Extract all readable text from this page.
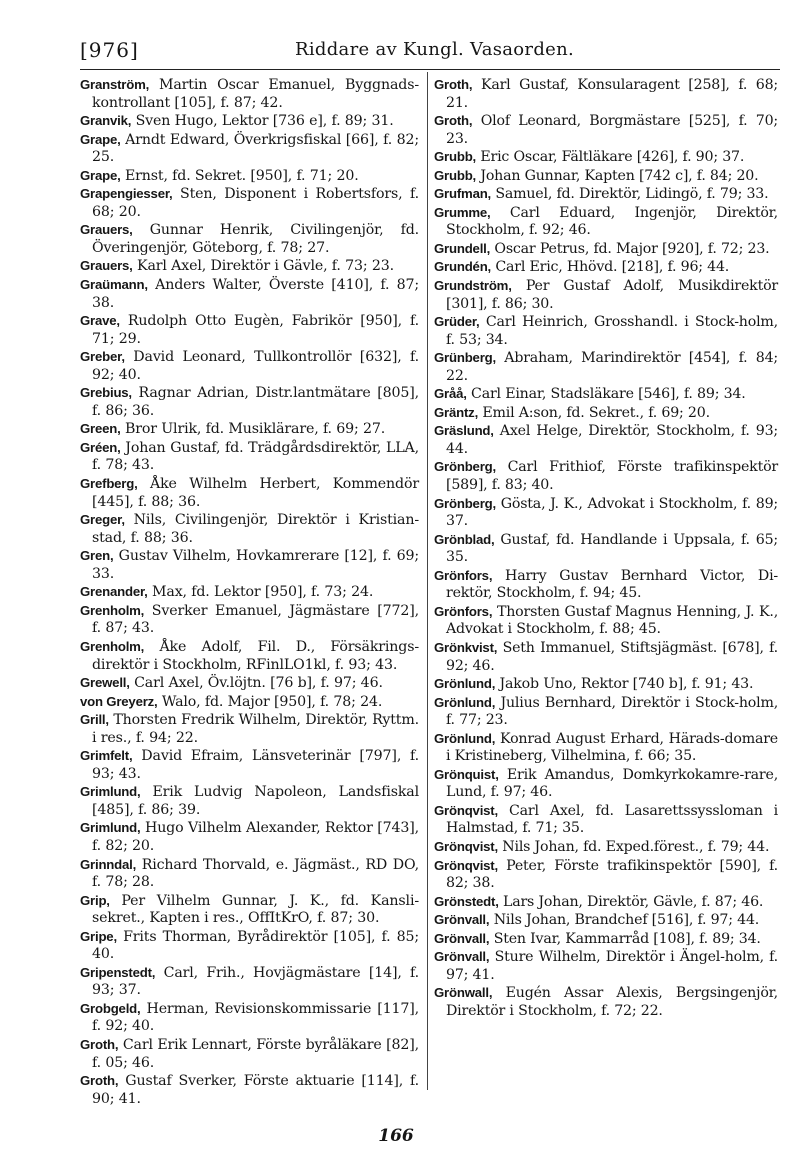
[976]	Riddare av Kungl. Vasaorden.

Granström, Martin Oscar Emanuel, Byggnads-kontrollant [105], f. 87; 42.

Granvik, Sven Hugo, Lektor [736 e], f. 89; 31.

Grape, Arndt Edward, Överkrigsfiskal [66], f. 82; 25.

Grape, Ernst, fd. Sekret. [950], f. 71; 20.

Grapengiesser, Sten, Disponent i Robertsfors, f. 68; 20.

Grauers, Gunnar Henrik, Civilingenjör, fd. Överingenjör, Göteborg, f. 78; 27.

Grauers, Karl Axel, Direktör i Gävle, f. 73; 23.

Graümann, Anders Walter, Överste [410], f. 87; 38.

Grave, Rudolph Otto Eugèn, Fabrikör [950], f. 71; 29.

Greber, David Leonard, Tullkontrollör [632], f. 92; 40.

Grebius, Ragnar Adrian, Distr.lantmätare [805], f. 86; 36.

Green, Bror Ulrik, fd. Musiklärare, f. 69; 27.

Gréen, Johan Gustaf, fd. Trädgårdsdirektör, LLA, f. 78; 43.

Grefberg, Åke Wilhelm Herbert, Kommendör [445], f. 88; 36.

Greger, Nils, Civilingenjör, Direktör i Kristian-stad, f. 88; 36.

Gren, Gustav Vilhelm, Hovkamrerare [12], f. 69; 33.

Grenander, Max, fd. Lektor [950], f. 73; 24.

Grenholm, Sverker Emanuel, Jägmästare [772], f. 87; 43.

Grenholm, Åke Adolf, Fil. D., Försäkrings-direktör i Stockholm, RFinlLO1kl, f. 93; 43.

Grewell, Carl Axel, Öv.löjtn. [76 b], f. 97; 46.

von Greyerz, Walo, fd. Major [950], f. 78; 24.

Grill, Thorsten Fredrik Wilhelm, Direktör, Ryttm. i res., f. 94; 22.

Grimfelt, David Efraim, Länsveterinär [797], f. 93; 43.

Grimlund, Erik Ludvig Napoleon, Landsfiskal [485], f. 86; 39.

Grimlund, Hugo Vilhelm Alexander, Rektor [743], f. 82; 20.

Grinndal, Richard Thorvald, e. Jägmäst., RD DO, f. 78; 28.

Grip, Per Vilhelm Gunnar, J. K., fd. Kansli-sekret., Kapten i res., OffItKrO, f. 87; 30.

Gripe, Frits Thorman, Byrådirektör [105], f. 85; 40.

Gripenstedt, Carl, Frih., Hovjägmästare [14], f. 93; 37.

Grobgeld, Herman, Revisionskommissarie [117], f. 92; 40.

Groth, Carl Erik Lennart, Förste byråläkare [82], f. 05; 46.

Groth, Gustaf Sverker, Förste aktuarie [114], f. 90; 41.

Groth, Karl Gustaf, Konsularagent [258], f. 68; 21.

Groth, Olof Leonard, Borgmästare [525], f. 70; 23.

Grubb, Eric Oscar, Fältläkare [426], f. 90; 37.

Grubb, Johan Gunnar, Kapten [742 c], f. 84; 20.

Grufman, Samuel, fd. Direktör, Lidingö, f. 79; 33.

Grumme, Carl Eduard, Ingenjör, Direktör, Stockholm, f. 92; 46.

Grundell, Oscar Petrus, fd. Major [920], f. 72; 23.

Grundén, Carl Eric, Hhövd. [218], f. 96; 44.

Grundström, Per Gustaf Adolf, Musikdirektör [301], f. 86; 30.

Grüder, Carl Heinrich, Grosshandl. i Stock-holm, f. 53; 34.

Grünberg, Abraham, Marindirektör [454], f. 84; 22.

Gråå, Carl Einar, Stadsläkare [546], f. 89; 34.

Gräntz, Emil A:son, fd. Sekret., f. 69; 20.

Gräslund, Axel Helge, Direktör, Stockholm, f. 93; 44.

Grönberg, Carl Frithiof, Förste trafikinspektör [589], f. 83; 40.

Grönberg, Gösta, J. K., Advokat i Stockholm, f. 89; 37.

Grönblad, Gustaf, fd. Handlande i Uppsala, f. 65; 35.

Grönfors, Harry Gustav Bernhard Victor, Di-rektör, Stockholm, f. 94; 45.

Grönfors, Thorsten Gustaf Magnus Henning, J. K., Advokat i Stockholm, f. 88; 45.

Grönkvist, Seth Immanuel, Stiftsjägmäst. [678], f. 92; 46.

Grönlund, Jakob Uno, Rektor [740 b], f. 91; 43.

Grönlund, Julius Bernhard, Direktör i Stock-holm, f. 77; 23.

Grönlund, Konrad August Erhard, Härads-domare i Kristineberg, Vilhelmina, f. 66; 35.

Grönquist, Erik Amandus, Domkyrkokamre-rare, Lund, f. 97; 46.

Grönqvist, Carl Axel, fd. Lasarettssyssloman i Halmstad, f. 71; 35.

Grönqvist, Nils Johan, fd. Exped.förest., f. 79; 44.

Grönqvist, Peter, Förste trafikinspektör [590], f. 82; 38.

Grönstedt, Lars Johan, Direktör, Gävle, f. 87; 46.

Grönvall, Nils Johan, Brandchef [516], f. 97; 44.

Grönvall, Sten Ivar, Kammarråd [108], f. 89; 34.

Grönvall, Sture Wilhelm, Direktör i Ängel-holm, f. 97; 41.

Grönwall, Eugén Assar Alexis, Bergsingenjör, Direktör i Stockholm, f. 72; 22.

166
